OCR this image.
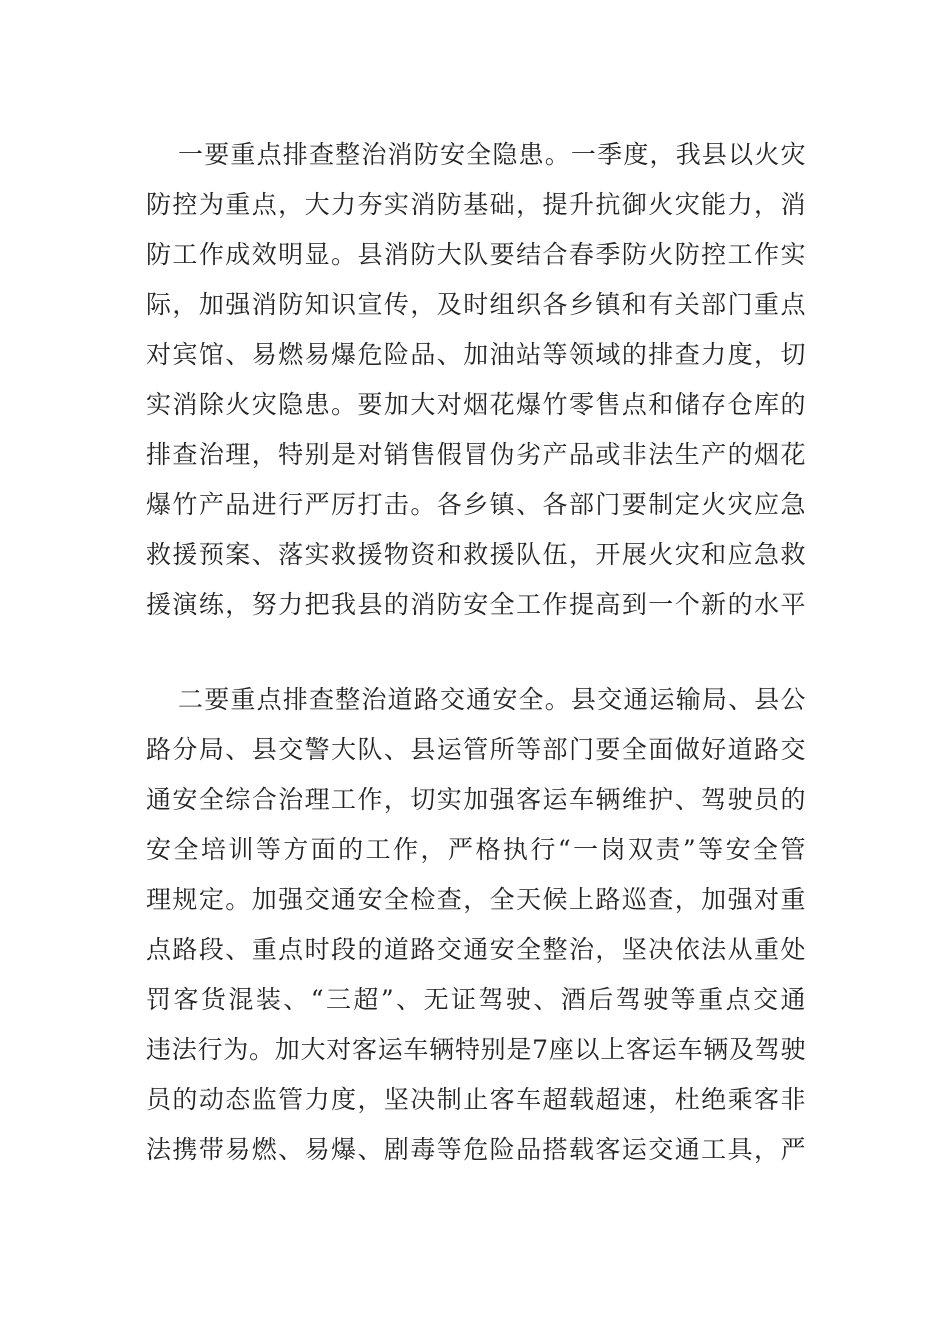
一要重点排查整治消防安全隐患。一季度，我县以火灾
防控为重点，大力夯实消防基础，提升抗御火灾能力，消
防工作成效明显。县消防大队要结合春季防火防控工作实
际，加强消防知识宣传，及时组织各乡镇和有关部门重点
对宾馆、易燃易爆危险品、加油站等领域的排查力度，切
实消除火灾隐患。要加大对烟花爆竹零售点和储存仓库的
排查治理，特别是对销售假冒伪劣产品或非法生产的烟花
爆竹产品进行严厉打击。各乡镇、各部门要制定火灾应急
救援预案、落实救援物资和救援队伍，开展火灾和应急救
援演练，努力把我县的消防安全工作提高到一个新的水平
二要重点排查整治道路交通安全。县交通运输局、县公
路分局、县交警大队、县运管所等部门要全面做好道路交
通安全综合治理工作，切实加强客运车辆维护、驾驶员的
安全培训等方面的工作，严格执行“一岗双责”等安全管
理规定。加强交通安全检查，全天候上路巡查，加强对重
点路段、重点时段的道路交通安全整治，坚决依法从重处
罚客货混装、“三超”、无证驾驶、酒后驾驶等重点交通
违法行为。加大对客运车辆特别是7座以上客运车辆及驾驶
员的动态监管力度，坚决制止客车超载超速，杜绝乘客非
法携带易燃、易爆、剧毒等危险品搭载客运交通工具，严
